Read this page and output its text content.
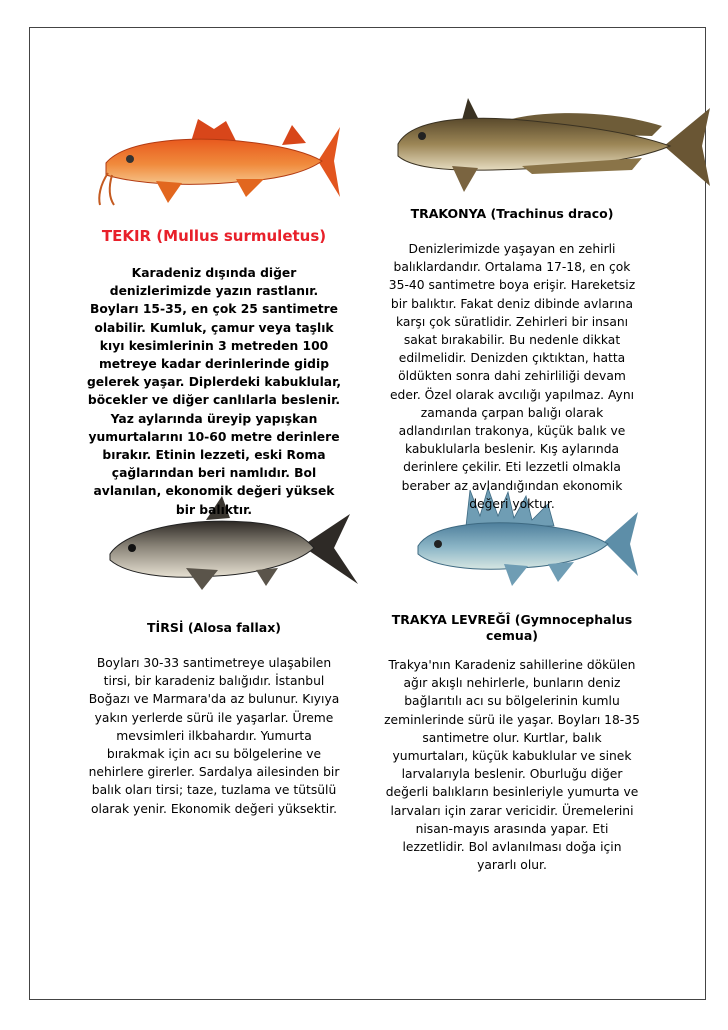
TEKIR (Mullus surmuletus)
Karadeniz dışında diğer denizlerimizde yazın rastlanır. Boyları 15-35, en çok 25 santimetre olabilir. Kumluk, çamur veya taşlık kıyı kesimlerinin 3 metreden 100 metreye kadar derinlerinde gidip gelerek yaşar. Diplerdeki kabuklular, böcekler ve diğer canlılarla beslenir. Yaz aylarında üreyip yapışkan yumurtalarını 10-60 metre derinlere bırakır. Etinin lezzeti, eski Roma çağlarından beri namlıdır. Bol avlanılan, ekonomik değeri yüksek bir balıktır.
TRAKONYA (Trachinus draco)
Denizlerimizde yaşayan en zehirli balıklardandır. Ortalama 17-18, en çok 35-40 santimetre boya erişir. Hareketsiz bir balıktır. Fakat deniz dibinde avlarına karşı çok süratlidir. Zehirleri bir insanı sakat bırakabilir. Bu nedenle dikkat edilmelidir. Denizden çıktıktan, hatta öldükten sonra dahi zehirliliği devam eder. Özel olarak avcılığı yapılmaz. Aynı zamanda çarpan balığı olarak adlandırılan trakonya, küçük balık ve kabuklularla beslenir. Kış aylarında derinlere çekilir. Eti lezzetli olmakla beraber az avlandığından ekonomik değeri yoktur.
TİRSİ (Alosa fallax)
Boyları 30-33 santimetreye ulaşabilen tirsi, bir karadeniz balığıdır. İstanbul Boğazı ve Marmara'da az bulunur. Kıyıya yakın yerlerde sürü ile yaşarlar. Üreme mevsimleri ilkbahardır. Yumurta bırakmak için acı su bölgelerine ve nehirlere girerler. Sardalya ailesinden bir balık oları tirsi; taze, tuzlama ve tütsülü olarak yenir. Ekonomik değeri yüksektir.
TRAKYA LEVREĞÎ (Gymnocephalus cemua)
Trakya'nın Karadeniz sahillerine dökülen ağır akışlı nehirlerle, bunların deniz bağlarıtılı acı su bölgelerinin kumlu zeminlerinde sürü ile yaşar. Boyları 18-35 santimetre olur. Kurtlar, balık yumurtaları, küçük kabuklular ve sinek larvalarıyla beslenir. Oburluğu diğer değerli balıkların besinleriyle yumurta ve larvaları için zarar vericidir. Üremelerini nisan-mayıs arasında yapar. Eti lezzetlidir. Bol avlanılması doğa için yararlı olur.
